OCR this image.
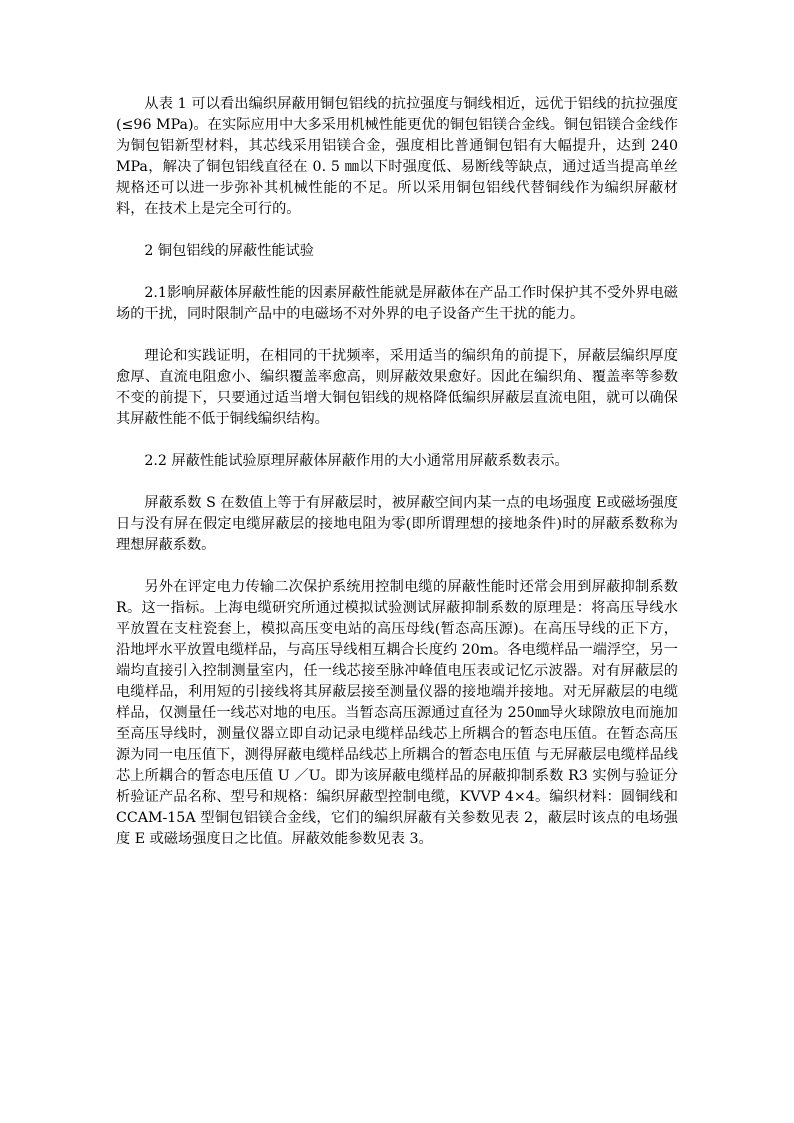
从表 1 可以看出编织屏蔽用铜包铝线的抗拉强度与铜线相近，远优于铝线的抗拉强度(≤96 MPa)。在实际应用中大多采用机械性能更优的铜包铝镁合金线。铜包铝镁合金线作为铜包铝新型材料，其芯线采用铝镁合金，强度相比普通铜包铝有大幅提升，达到 240 MPa，解决了铜包铝线直径在 0. 5 ㎜以下时强度低、易断线等缺点，通过适当提高单丝规格还可以进一步弥补其机械性能的不足。所以采用铜包铝线代替铜线作为编织屏蔽材料，在技术上是完全可行的。

2 铜包铝线的屏蔽性能试验

2.1影响屏蔽体屏蔽性能的因素屏蔽性能就是屏蔽体在产品工作时保护其不受外界电磁场的干扰，同时限制产品中的电磁场不对外界的电子设备产生干扰的能力。

理论和实践证明，在相同的干扰频率，采用适当的编织角的前提下，屏蔽层编织厚度愈厚、直流电阻愈小、编织覆盖率愈高，则屏蔽效果愈好。因此在编织角、覆盖率等参数不变的前提下，只要通过适当增大铜包铝线的规格降低编织屏蔽层直流电阻，就可以确保其屏蔽性能不低于铜线编织结构。

2.2 屏蔽性能试验原理屏蔽体屏蔽作用的大小通常用屏蔽系数表示。

屏蔽系数 S 在数值上等于有屏蔽层时，被屏蔽空间内某一点的电场强度 E或磁场强度日与没有屏在假定电缆屏蔽层的接地电阻为零(即所谓理想的接地条件)时的屏蔽系数称为理想屏蔽系数。

另外在评定电力传输二次保护系统用控制电缆的屏蔽性能时还常会用到屏蔽抑制系数 R。这一指标。上海电缆研究所通过模拟试验测试屏蔽抑制系数的原理是：将高压导线水平放置在支柱瓷套上，模拟高压变电站的高压母线(暂态高压源)。在高压导线的正下方，沿地坪水平放置电缆样品，与高压导线相互耦合长度约 20m。各电缆样品一端浮空，另一端均直接引入控制测量室内，任一线芯接至脉冲峰值电压表或记忆示波器。对有屏蔽层的电缆样品，利用短的引接线将其屏蔽层接至测量仪器的接地端并接地。对无屏蔽层的电缆样品，仅测量任一线芯对地的电压。当暂态高压源通过直径为 250㎜导火球隙放电而施加至高压导线时，测量仪器立即自动记录电缆样品线芯上所耦合的暂态电压值。在暂态高压源为同一电压值下，测得屏蔽电缆样品线芯上所耦合的暂态电压值 与无屏蔽层电缆样品线芯上所耦合的暂态电压值 U ／U。即为该屏蔽电缆样品的屏蔽抑制系数 R3 实例与验证分析验证产品名称、型号和规格：编织屏蔽型控制电缆，KVVP 4×4。编织材料：圆铜线和 CCAM-15A 型铜包铝镁合金线，它们的编织屏蔽有关参数见表 2，蔽层时该点的电场强度 E 或磁场强度日之比值。屏蔽效能参数见表 3。
